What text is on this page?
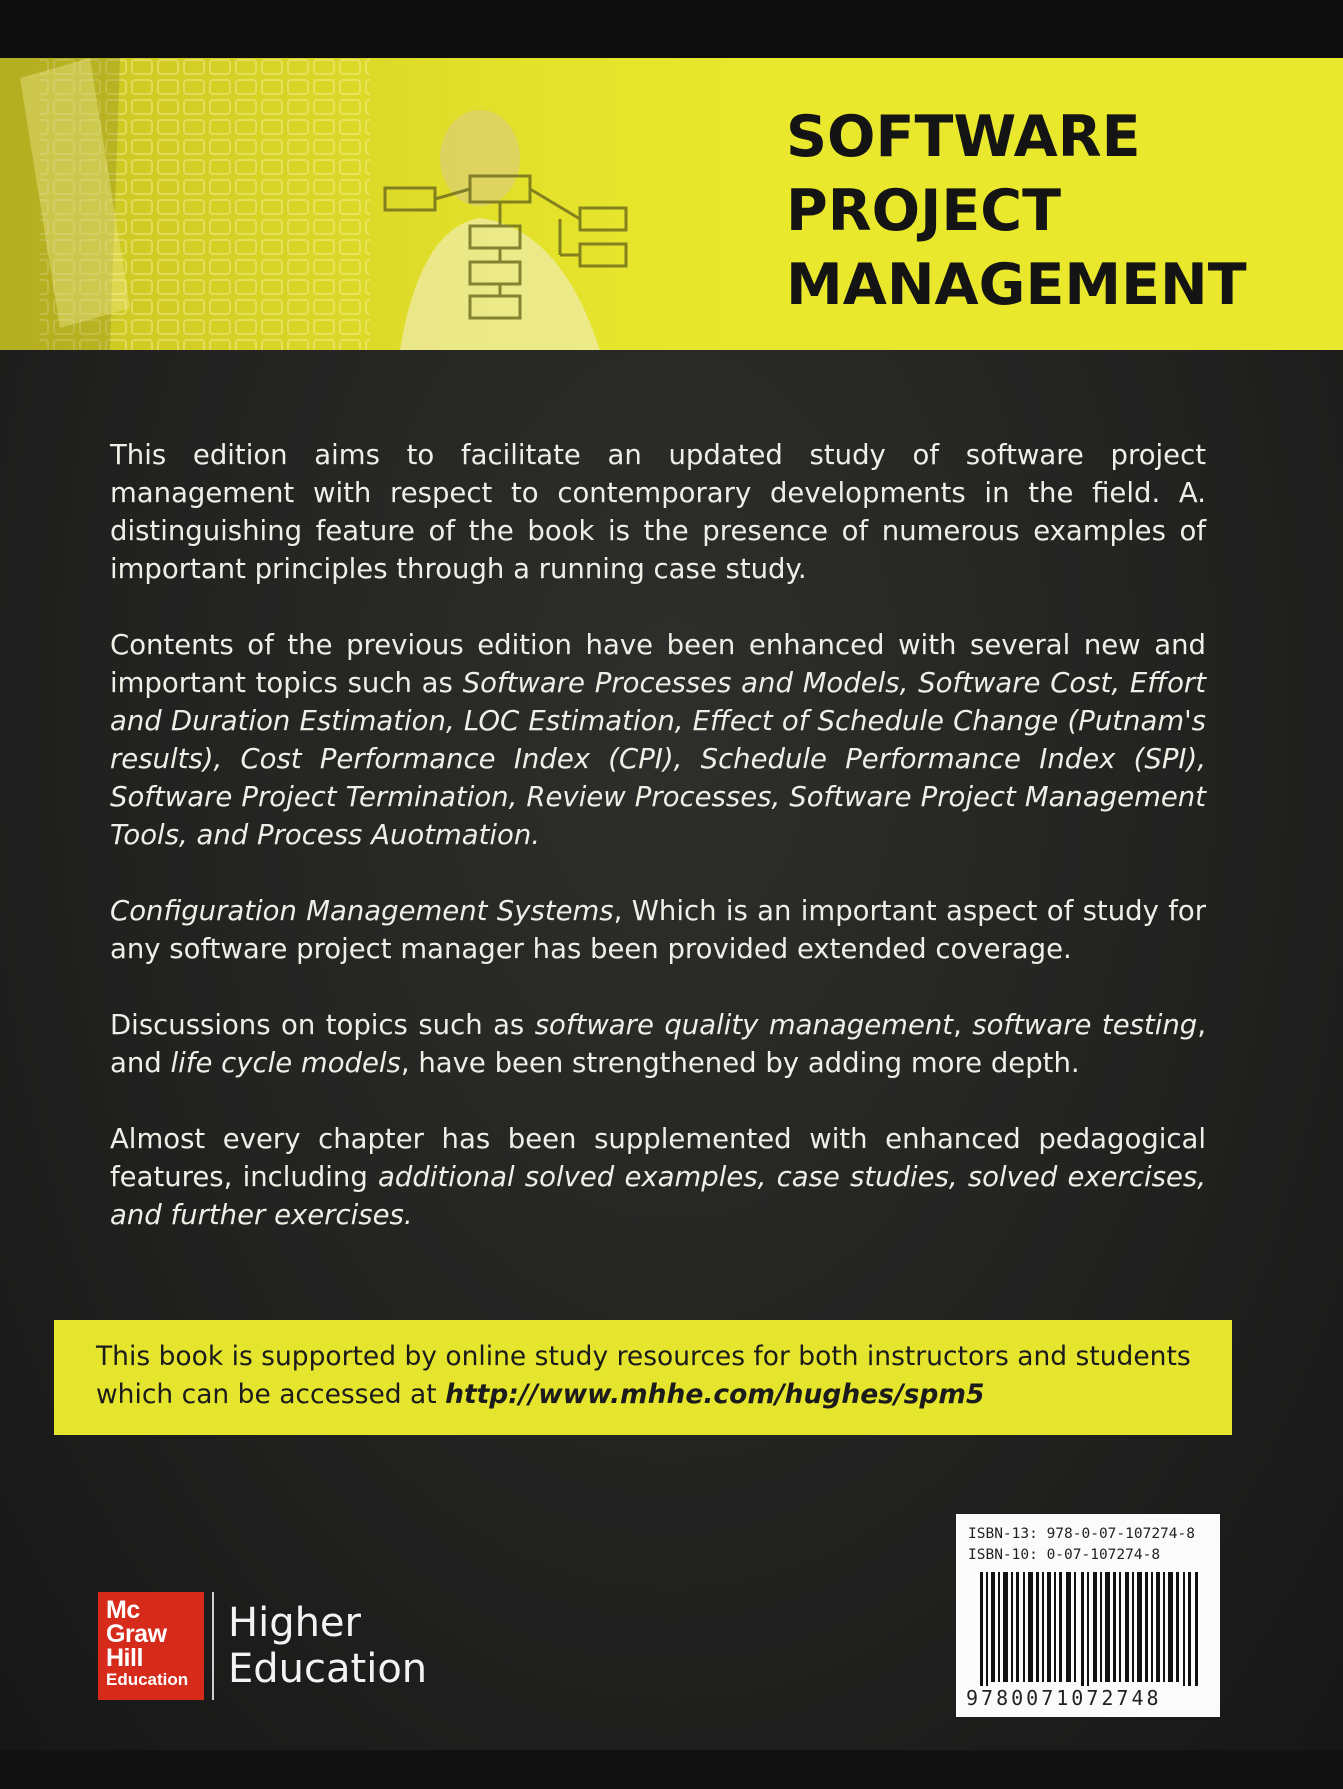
SOFTWARE
PROJECT
MANAGEMENT

This edition aims to facilitate an updated study of software project management with respect to contemporary developments in the field. A. distinguishing feature of the book is the presence of numerous examples of important principles through a running case study.

Contents of the previous edition have been enhanced with several new and important topics such as Software Processes and Models, Software Cost, Effort and Duration Estimation, LOC Estimation, Effect of Schedule Change (Putnam's results), Cost Performance Index (CPI), Schedule Performance Index (SPI), Software Project Termination, Review Processes, Software Project Management Tools, and Process Auotmation.

Configuration Management Systems, Which is an important aspect of study for any software project manager has been provided extended coverage.

Discussions on topics such as software quality management, software testing, and life cycle models, have been strengthened by adding more depth.

Almost every chapter has been supplemented with enhanced pedagogical features, including additional solved examples, case studies, solved exercises, and further exercises.

This book is supported by online study resources for both instructors and students which can be accessed at http://www.mhhe.com/hughes/spm5
Mc
Graw
Hill
Education
Higher
Education
ISBN-13: 978-0-07-107274-8
ISBN-10: 0-07-107274-8
9780071072748
